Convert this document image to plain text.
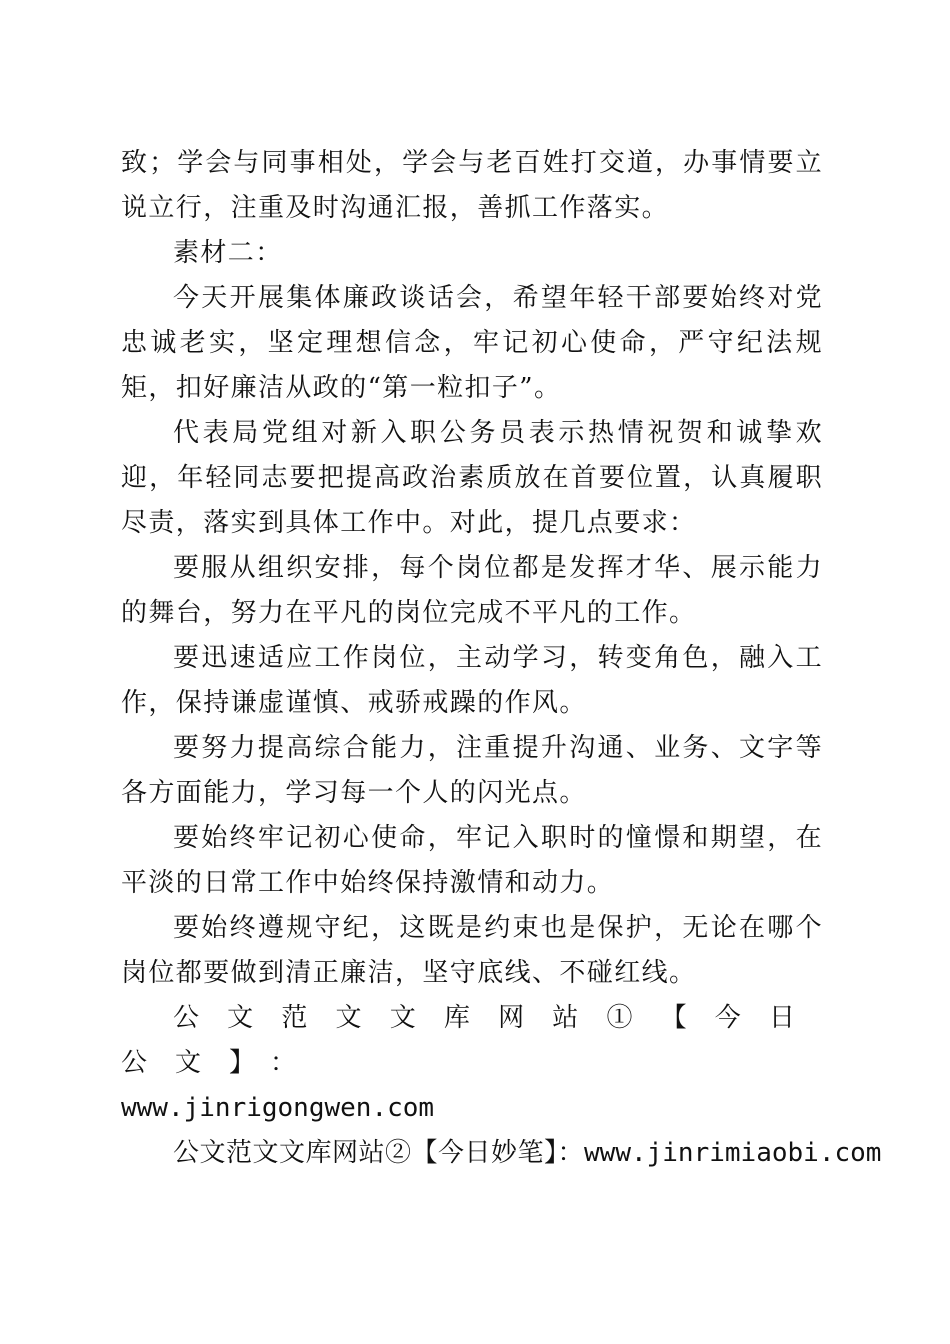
致；学会与同事相处，学会与老百姓打交道，办事情要立说立行，注重及时沟通汇报，善抓工作落实。

素材二：

今天开展集体廉政谈话会，希望年轻干部要始终对党忠诚老实，坚定理想信念，牢记初心使命，严守纪法规矩，扣好廉洁从政的“第一粒扣子”。

代表局党组对新入职公务员表示热情祝贺和诚挚欢迎，年轻同志要把提高政治素质放在首要位置，认真履职尽责，落实到具体工作中。对此，提几点要求：

要服从组织安排，每个岗位都是发挥才华、展示能力的舞台，努力在平凡的岗位完成不平凡的工作。

要迅速适应工作岗位，主动学习，转变角色，融入工作，保持谦虚谨慎、戒骄戒躁的作风。

要努力提高综合能力，注重提升沟通、业务、文字等各方面能力，学习每一个人的闪光点。

要始终牢记初心使命，牢记入职时的憧憬和期望，在平淡的日常工作中始终保持激情和动力。

要始终遵规守纪，这既是约束也是保护，无论在哪个岗位都要做到清正廉洁，坚守底线、不碰红线。

公文范文文库网站①【今日公文】：
www.jinrigongwen.com

公文范文文库网站②【今日妙笔】：www.jinrimiaobi.com
